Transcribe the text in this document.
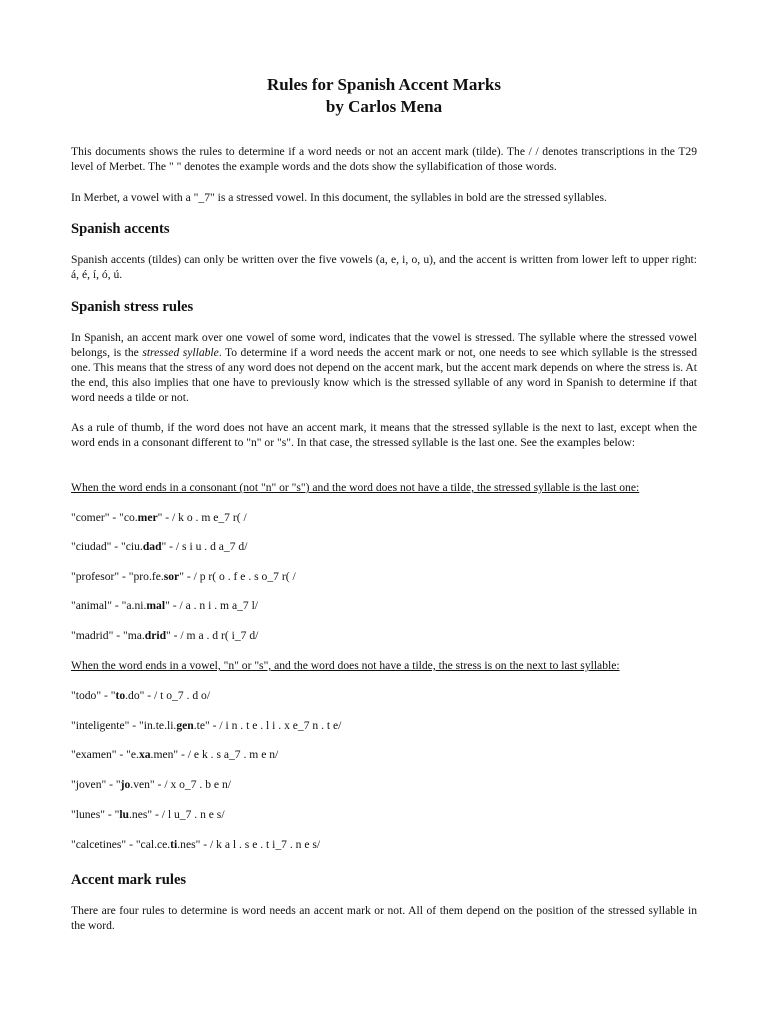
Rules for Spanish Accent Marks
by Carlos Mena

This documents shows the rules to determine if a word needs or not an accent mark (tilde). The / / denotes transcriptions in the T29 level of Merbet. The " " denotes the example words and the dots show the syllabification of those words.

In Merbet, a vowel with a "_7" is a stressed vowel. In this document, the syllables in bold are the stressed syllables.

Spanish accents

Spanish accents (tildes) can only be written over the five vowels (a, e, i, o, u), and the accent is written from lower left to upper right: á, é, í, ó, ú.

Spanish stress rules

In Spanish, an accent mark over one vowel of some word, indicates that the vowel is stressed. The syllable where the stressed vowel belongs, is the stressed syllable. To determine if a word needs the accent mark or not, one needs to see which syllable is the stressed one. This means that the stress of any word does not depend on the accent mark, but the accent mark depends on where the stress is. At the end, this also implies that one have to previously know which is the stressed syllable of any word in Spanish to determine if that word needs a tilde or not.

As a rule of thumb, if the word does not have an accent mark, it means that the stressed syllable is the next to last, except when the word ends in a consonant different to "n" or "s". In that case, the stressed syllable is the last one. See the examples below:

When the word ends in a consonant (not "n" or "s") and the word does not have a tilde, the stressed syllable is the last one:

"comer" - "co.mer" - / k o . m e_7 r( /
"ciudad" - "ciu.dad" - / s i u . d a_7 d/
"profesor" - "pro.fe.sor" - / p r( o . f e . s o_7 r( /
"animal" - "a.ni.mal" - / a . n i . m a_7 l/
"madrid" - "ma.drid" - / m a . d r( i_7 d/

When the word ends in a vowel, "n" or "s", and the word does not have a tilde, the stress is on the next to last syllable:

"todo" - "to.do" - / t o_7 . d o/
"inteligente" - "in.te.li.gen.te" - / i n . t e . l i . x e_7 n . t e/
"examen" - "e.xa.men" - / e k . s a_7 . m e n/
"joven" - "jo.ven" - / x o_7 . b e n/
"lunes" - "lu.nes" - / l u_7 . n e s/
"calcetines" - "cal.ce.ti.nes" - / k a l . s e . t i_7 . n e s/
Accent mark rules

There are four rules to determine is word needs an accent mark or not. All of them depend on the position of the stressed syllable in the word.
